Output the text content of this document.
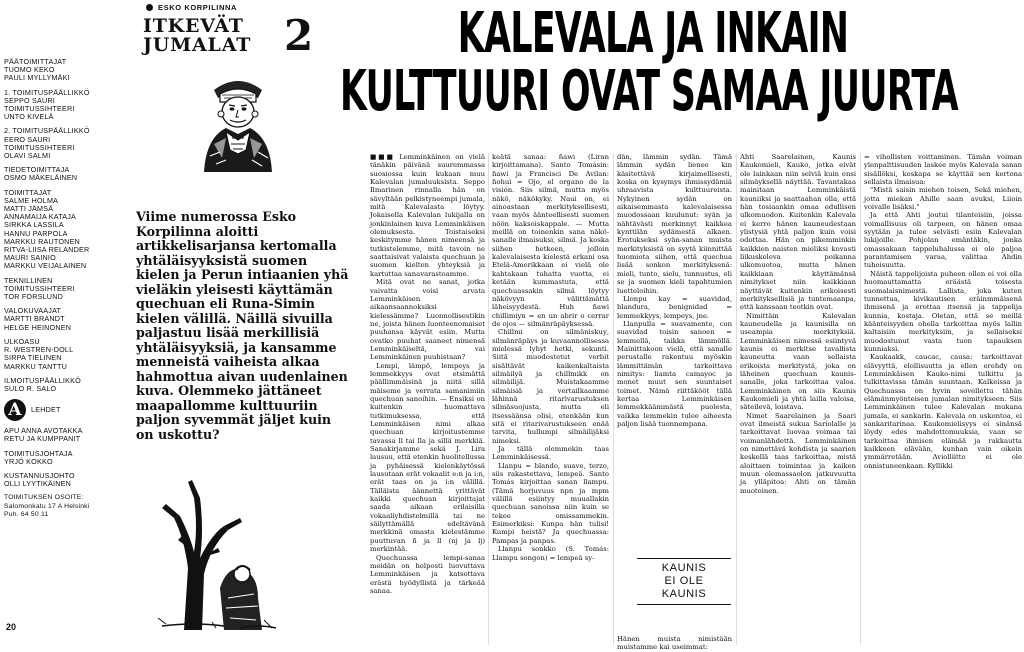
PÄÄTOIMITTAJAT
TUOMO KEKO
PAULI MYLLYMÄKI
1. TOIMITUSPÄÄLLIKKÖ
SEPPO SAURI
TOIMITUSSIHTEERI
UNTO KIVELÄ
2. TOIMITUSPÄÄLLIKKÖ
EERO SAURI
TOIMITUSSIHTEERI
OLAVI SALMI
TIEDETOIMITTAJA
OSMO MÄKELÄINEN
TOIMITTAJAT
SALME HOLMA
MATTI JÄMSÄ
ANNAMAIJA KATAJA
SIRKKA LASSILA
HANNU PARPOLA
MARKKU RAUTONEN
RITVA-LIISA RELANDER
MAURI SAINIO
MARKKU VEIJALAINEN
TEKNILLINEN
TOIMITUSSIHTEERI
TOR FORSLUND
VALOKUVAAJAT
MARTTI BRANDT
HELGE HEINONEN
ULKOASU
R. WESTREN-DOLL
SIRPA TIELINEN
MARKKU TANTTU
ILMOITUSPÄÄLLIKKÖ
SULO R. SALO
A	LEHDET
APU ANNA AVOTAKKA
RETU JA KUMPPANIT
TOIMITUSJOHTAJA
YRJÖ KOKKO
KUSTANNUSJOHTO
OLLI LYYTIKÄINEN
TOIMITUKSEN OSOITE:
Salomonkatu 17 A Helsinki
Puh. 64 50 11
20
ESKO KORPILINNA
ITKEVÄT
JUMALAT 2	KALEVALA JA INKAIN
KULTTUURI OVAT SAMAA JUURTA
Viime numerossa Esko Korpilinna aloitti artikkelisarjansa kertomalla yhtäläisyyksistä suomen kielen ja Perun intiaanien yhä vieläkin yleisesti käyttämän quechuan eli Runa-Simin kielen välillä. Näillä sivuilla paljastuu lisää merkillisiä yhtäläisyyksiä, ja kansamme menneistä vaiheista alkaa hahmottua aivan uudenlainen kuva. Olemmeko jättäneet maapallomme kulttuuriin paljon syvemmät jäljet kuin on uskottu?

■■■ Lemminkäinen on vielä tänäkin päivänä suuremmassa suosiossa kuin kukaan muu Kalevalan jumaluuksista. Seppo Ilmarinen rinnalla hän on sävyltään pelkistyneempi jumala, mitä Kalevalasta löytyy. Jokaisella Kalevalan lukijalla on jonkinlainen kuva Lemminkäisen olemuksesta. Toistaiseksi keskitymme hänen nimeensä ja tutkistelemme, mitä tavoin ne saattaisivat valaista quechuan ja suomen kielten yhteyksiä ja kartuttaa sanavarastoamme.

Mitä ovat ne sanat, jotka vaivatta voisi arvata Lemminkäisen aikaansaannoksiksi kielessämme? Luonnollisestikin ne, joista hänen luonteenomaiset puuhansa käyvät esiin. Mutta ovatko puuhat saaneet nimensä Lemminkäiseltä, vai Lemminkäinen puuhistaan?

Lempi, lämpö, lempeys ja lemmekkyys ovat etsimättä päällimmäisinä ja niitä sillä mäiseme ja verrata samanimiin quechuan sanoihin. — Ensiksi on kuitenkin huomattava tutkimuksessa, että Lemminkäisen nimi alkaa quechuan kirjoitustemme tavassa ll tai lla ja sillä merkkiä. Sanakirjamme sekä J. Lira lausuu, että etenkin huolitellussa ja pyhäisessä kielenkäytössä lausutaan erät vokaalit e:n ja i:n, erät taas on ja i:n välillä. Tälläista äännettä yrittävät kaikki quechuan kirjoittajat saada aikaan erilaisilla vokaaliyhdistelmillä tai ne säilyttämällä edeltävänä merkkinä omasta kielestämme puuttuvan ñ ja ll (nj ja lj) merkintää.

Quechuassa lempi-sanaa meidän on helposti luovuttava Lemminkäisen ja katsottava erästä hyödyllistä ja tärkeää sanaa.

keätä sanaa: ñawi (Liran kirjoittamana). Santo Tomásin: ñawi ja Francisci De Avilan: ñohui = Ojo, el organo de la visión. Siis silmä, mutta myös näkö, näkökyky. Naui on, ei ainoastaan merkityksellisesti, vaan myös äänteellisesti suomen nöön kaksoiskappale. — Mutta meillä on toinenkin sana näkö-sanalle ilmaisuksi, silmä. Ja koska siihen hetkeen, jolloin kalevalaisesta kielestä erkani osa Etelä-Amerikkaan ei vielä ole kahtakaan tuhatta vuotta, ei ketään kummastuta, että quechuassakin silmä löytyy näkövyyn välittämättä läheisyydestä. Huh ñawi chillimiyn = en un abrir o cerrar de ojos — silmänräpäyksessä.

Chillmi on silmäniskuу, silmänräpäys ja kuvaannollisessa mielessä lyhyt hetki, sekunti. Siitä muodostetut verbit sisältävät kaikenkaltaista silmäilyä ja chillmikk on silmäilijä. Muistakaamme silmäisiä ja vertailkaamme lähinnä ritarivarustuksen silmäsuojusta, mutta eli itsessäänsa olisi, etenkään kun sitä ei ritarivarustukseen enää tarvita, hullumpi silmäilijäksi nimeksi.

Ja tällä olemmekin taas Lemminkäisessä.

Llanpu = blando, suave, terzo, siis rakastettava, lempeä. Santo Tomás kirjoittaa sanan llampu. (Tämä horjuvuus npn ja mpm välillä esiintyy muuallakin quechuan sanoissa niin kuin se tekee omissammekin. Esimerkiksi: Kunpa hän tulisi! Kumpi heistä? Ja quechuassa: Pampas ja panpas.

Llanpu sonkko (S. Tomás: Llampu songon) = lempeä sy-

dän, lämmin sydän. Tämä lämmin sydän lienee kin käsitettävä kirjaimellisesti, koska on kysymys ihmissydämiä uhraavista kulttuureista. Nykyinen sydän on aikaisemmasta kalevalaisessa muodossaan kuulunut: syän ja nähtävästi merkinnyt kaikkea kynttilän sydämestä alkaen. Erotukseksi syän-sanan muista merkityksistä on syytä kiinnittää huomiota siihen, että quechua lisää sonkon merkityksenä: mieli, tunto, sielu, tunnustus, eli se ja suomen kieli tapahtumien luetteloihin.

Llonpu kay = suavidad, blandura, benignidad = lemmekkyys, lempeys, jne.

Llanpulla = suavamente, con suavidad toisin sanoen = lemmellä, taikka lämmöllä. Mainittakoon vielä, että sanalle perustalle rakentuu myöskin lämmittämän tarkoittava nimitys: liamta camayoc ja monet muut sen suuntaiset toimet. Nämä riittäkööt tällä kertaa Lemminkäisen lemmekkäämmästä puolesta, vaikka lemmekin tulee aiheesta paljon lisää tuonnempana.

Hänen muista nimistään muistamme kai useimmat:
KAUNIS
EI OLE
KAUNIS

Ahti Saarelainen, Kaunis Kaukomieli, Kauko, jotka eivät ole lainkaan niin selviä kuin ensi silmäyksellä näyttää. Tavantakaa mainitaan Lemminkäistä kauniiksi ja saattaahan olla, että hän tosiaankin omaa edullisen ulkomuodon. Kuitenkin Kalevala ei kerro hänen kauneudestaan ylistysiä yhtä paljon kuin voisi odottaa. Hän on pikemminkin kaikkien naisten mieliksi kovasti liikuskeleva poikanna ulkomuotoa, mutta hänen kaikkiaan käyttämänsä nimitykset niin kaikkiaan näyttävät kuitenkin erikoisesti merkityksellisiä ja tuntemaanpa, että kanssaan teotkin ovat.

Nimittäin Kalevalan kauneudella ja kaunisilla on useampia merkityksiä. Lemminkäisen nimessä esiintyvä kaunis ei merkitse tavallista kauneutta vaan sellaista erikoista merkitystä, joka on läheinen quechuan kaunis-sanalle, joka tarkoittaa valoa. Lemminkäinen on siis Kaunis Kaukomieli ja yhtä lailla valoisa, säteilevä, loistava.

Nimet Saarelainen ja Saari ovat ilmeistä sukua Sariolalle ja tarkoittavat luovaa voimaa tai voimanlähdettä. Lemminkäinen on nimettävä kohdista ja saarien keskellä taas tarkoittaa, mistä aloittaen toimintaa ja kaiken muun olemassaolon jatkuvuutta ja ylläpitoa: Ahti on tämän muotoinen.

= vihollisten voittaminen. Tämän voiman ylenpalttisuuden laskee myös Kalevala sanan sisällöksi, koskapa se käyttää sen kertona sellaista ilmaisua:

"Mistä saisin miehen toisen, Sekä miehen, jotta miekan Ahille saan avuksi, Liioin voivalle lisäksi."

Ja että Ahti joutui tilanteisiin, joissa voimallisuus oli tarpeen, on hänen omaa syytään ja tulee selvästi esiin Kalevalan lukijoille. Pohjolan emäntäkin, jonka omassakaan tappeluhalussa ei ole paljoa parantamisen varaa, valittaa Ahdin tuhoisuutta.

Näistä tappelijoista puheen ollen ei voi olla huomauttamatta eräästä toisesta suomalaisnimestä. Lallista, joka kuten tunnettua, kivikautisen eräinmmäisenä ihmisenä ja erottaa itsensä ja tappelija kunnia, kostaja. Oletan, että se meillä käänteisyyden ohella tarkoittaa myös lallin kaltaisiin merkityksiin, ja sellaiseksi muodostunut vasta tuon tapauksen kunniaksi.

Kaukaakk, caucac, causa: tarkoittavat elävyyttä, elollisuutta ja ellen erehdy on Lemminkäisen Kauko-nimi tulkittu ja tulkittavissa tämän suuntaan. Kalkeissa ja Quechuassa on hyvin sovellettu tähän elämänmyönteisen jumalan nimitykseen. Siis Lemminkäinen tulee Kalevalan mukana jumala, ei sankarin. Kalevala on uskontoa, ei sankaritarinaa. Kaukomielisyys ei sinänsä löydy edes mahdottomuuksia, vaan se tarkoittaa ihmisen elämää ja rakkautta kaikkeen elävään, kunhan vain oikein ymmärretään. Aviolliitto ei ole onnistuneenkaan. Kyllikki
